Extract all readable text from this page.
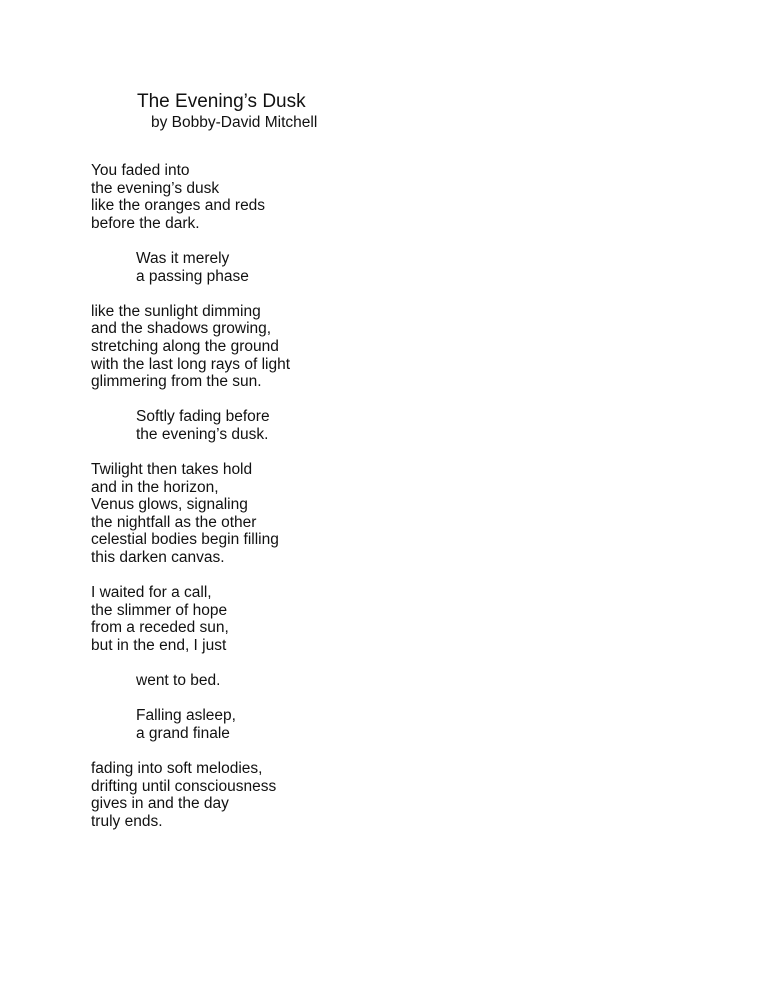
The Evening’s Dusk

by Bobby-David Mitchell

You faded into
the evening’s dusk
like the oranges and reds
before the dark.
Was it merely
a passing phase
like the sunlight dimming
and the shadows growing,
stretching along the ground
with the last long rays of light
glimmering from the sun.
Softly fading before
the evening’s dusk.
Twilight then takes hold
and in the horizon,
Venus glows, signaling
the nightfall as the other
celestial bodies begin filling
this darken canvas.
I waited for a call,
the slimmer of hope
from a receded sun,
but in the end, I just
went to bed.
Falling asleep,
a grand finale
fading into soft melodies,
drifting until consciousness
gives in and the day
truly ends.
